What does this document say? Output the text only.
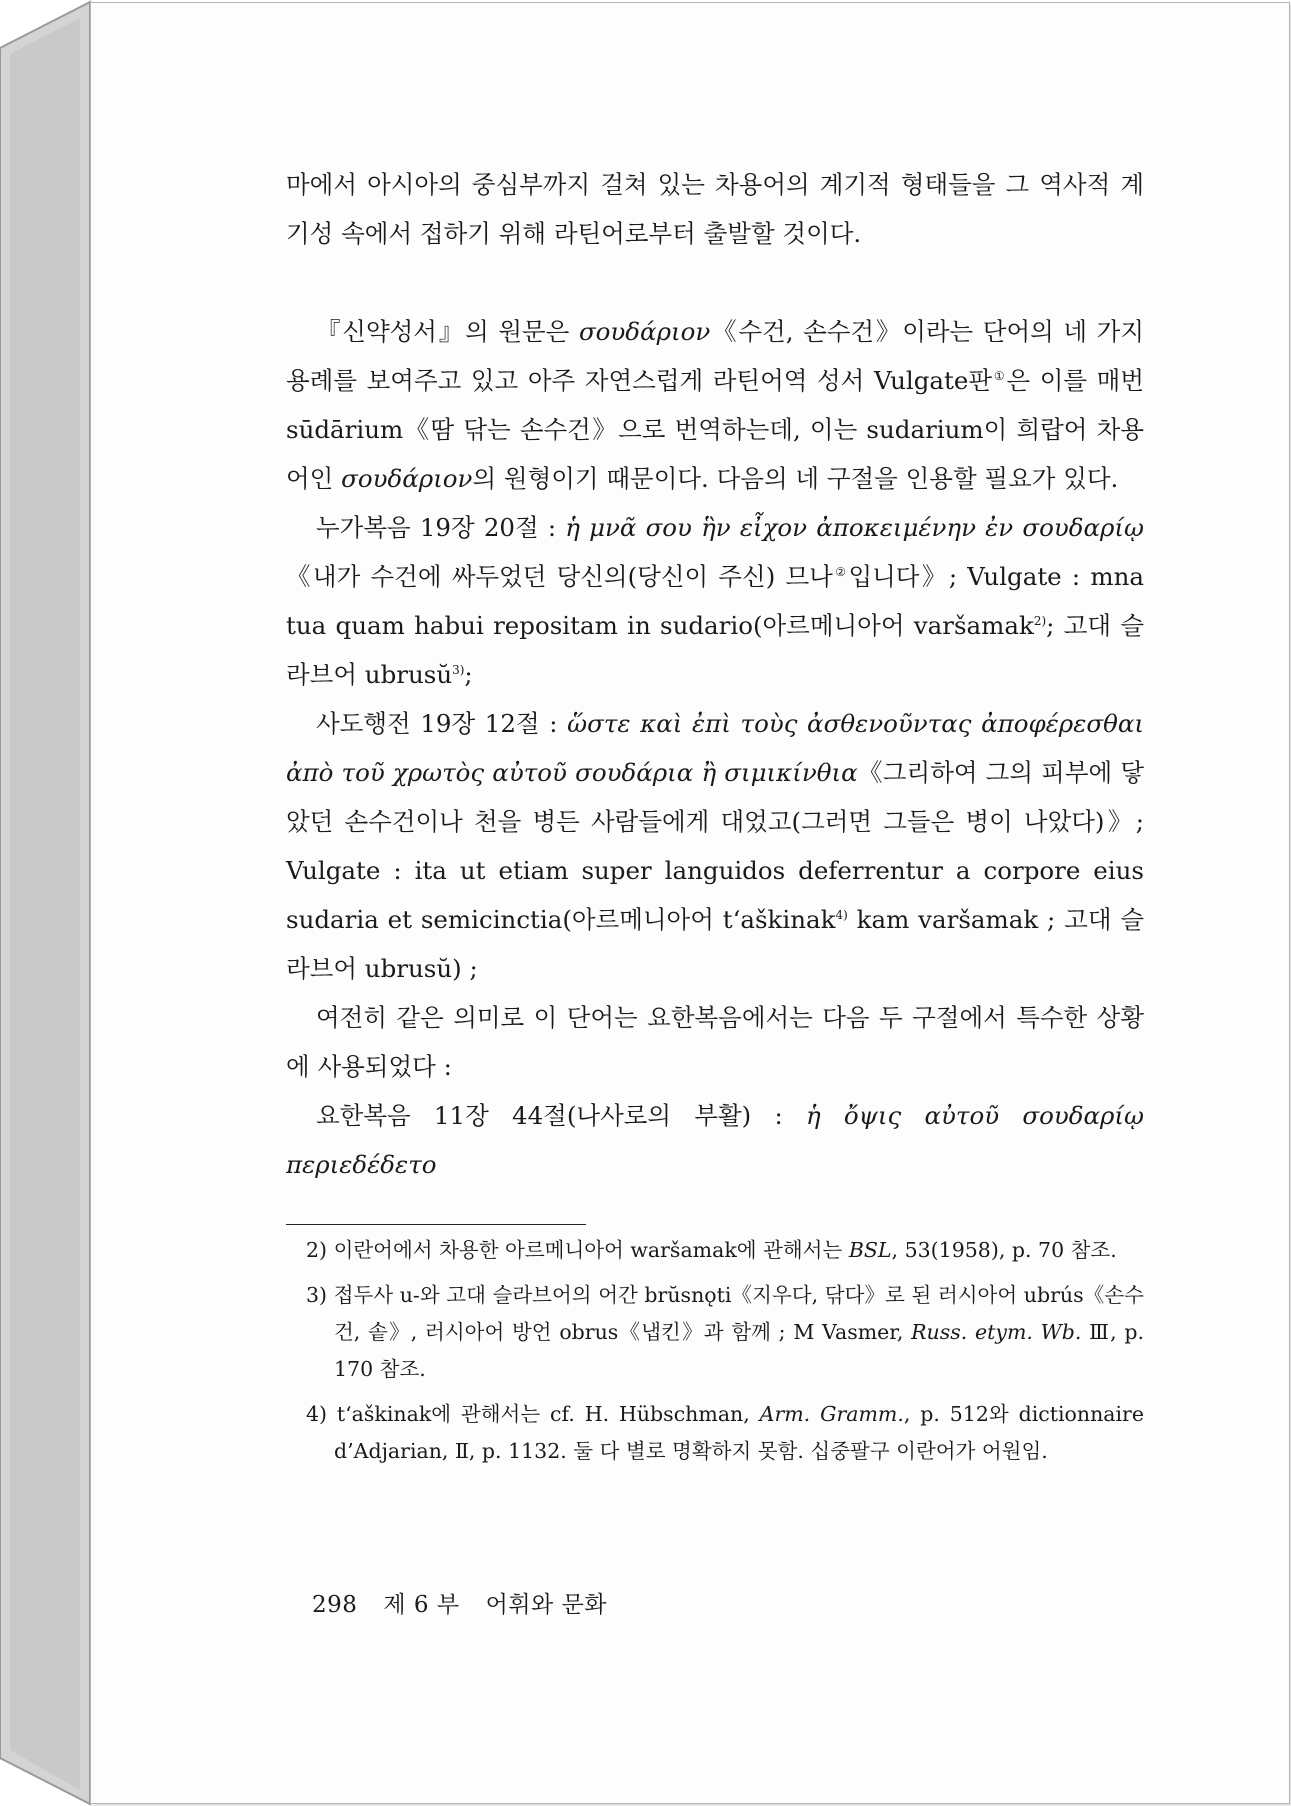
마에서 아시아의 중심부까지 걸쳐 있는 차용어의 계기적 형태들을 그 역사적 계기성 속에서 접하기 위해 라틴어로부터 출발할 것이다.

『신약성서』의 원문은 σουδάριον《수건, 손수건》이라는 단어의 네 가지 용례를 보여주고 있고 아주 자연스럽게 라틴어역 성서 Vulgate판①은 이를 매번 sūdārium《땀 닦는 손수건》으로 번역하는데, 이는 sudarium이 희랍어 차용어인 σουδάριον의 원형이기 때문이다. 다음의 네 구절을 인용할 필요가 있다.

누가복음 19장 20절 : ἡ μνᾶ σου ἣν εἶχον ἀποκειμένην ἐν σουδαρίῳ《내가 수건에 싸두었던 당신의(당신이 주신) 므나②입니다》; Vulgate : mna tua quam habui repositam in sudario(아르메니아어 varšamak$^{2)}$; 고대 슬라브어 ubrusŭ$^{3)}$;

사도행전 19장 12절 : ὥστε καὶ ἐπὶ τοὺς ἀσθενοῦντας ἀποφέρεσθαι ἀπὸ τοῦ χρωτὸς αὐτοῦ σουδάρια ἢ σιμικίνθια《그리하여 그의 피부에 닿았던 손수건이나 천을 병든 사람들에게 대었고(그러면 그들은 병이 나았다)》; Vulgate : ita ut etiam super languidos deferrentur a corpore eius sudaria et semicinctia(아르메니아어 t‘aškinak$^{4)}$ kam varšamak ; 고대 슬라브어 ubrusŭ) ;

여전히 같은 의미로 이 단어는 요한복음에서는 다음 두 구절에서 특수한 상황에 사용되었다 :

요한복음 11장 44절(나사로의 부활) : ἡ ὄψις αὐτοῦ σουδαρίῳ περιεδέδετο

2) 이란어에서 차용한 아르메니아어 waršamak에 관해서는 BSL, 53(1958), p. 70 참조.

3) 접두사 u-와 고대 슬라브어의 어간 brŭsnǫti《지우다, 닦다》로 된 러시아어 ubrús《손수건, 솥》, 러시아어 방언 obrus《냅킨》과 함께 ; M Vasmer, Russ. etym. Wb. Ⅲ, p. 170 참조.

4) t‘aškinak에 관해서는 cf. H. Hübschman, Arm. Gramm., p. 512와 dictionnaire d’Adjarian, Ⅱ, p. 1132. 둘 다 별로 명확하지 못함. 십중팔구 이란어가 어원임.

298 제 6 부 어휘와 문화
